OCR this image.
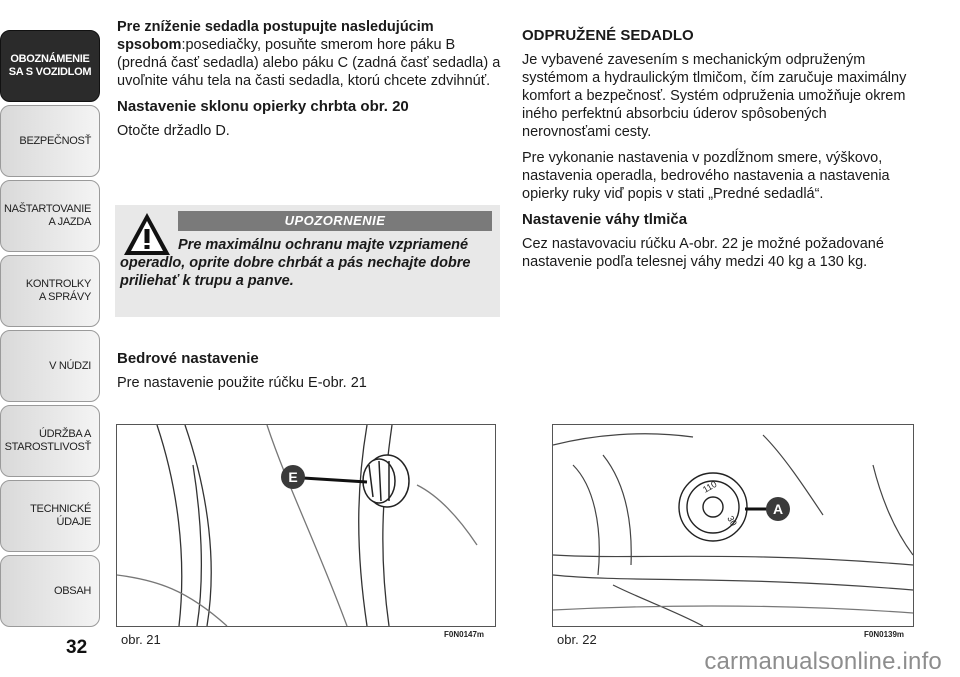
OBOZNÁMENIE
SA S VOZIDLOM
BEZPEČNOSŤ
NAŠTARTOVANIE
A JAZDA
KONTROLKY
A SPRÁVY
V NÚDZI
ÚDRŽBA A
STAROSTLIVOSŤ
TECHNICKÉ
ÚDAJE
OBSAH
32

Pre zníženie sedadla postupujte nasledujúcim spsobom:posediačky, posuňte smerom hore páku B (predná časť sedadla) alebo páku C (zadná časť sedadla) a uvoľnite váhu tela na časti sedadla, ktorú chcete zdvihnúť.

Nastavenie sklonu opierky chrbta obr. 20

Otočte držadlo D.

UPOZORNENIE
Pre maximálnu ochranu majte vzpriamené operadlo, oprite dobre chrbát a pás nechajte dobre priliehať k trupu a panve.
Bedrové nastavenie

Pre nastavenie použite rúčku E-obr. 21

ODPRUŽENÉ SEDADLO

Je vybavené zavesením s mechanickým odpruženým systémom a hydraulickým tlmičom, čím zaručuje maximálny komfort a bezpečnosť. Systém odpruženia umožňuje okrem iného perfektnú absorbciu úderov spôsobených nerovnosťami cesty.

Pre vykonanie nastavenia v pozdĺžnom smere, výškovo, nastavenia operadla, bedrového nastavenia a nastavenia opierky ruky viď popis v stati „Predné sedadlá“.

Nastavenie váhy tlmiča

Cez nastavovaciu rúčku A-obr. 22 je možné požadované nastavenie podľa telesnej váhy medzi 40 kg a 130 kg.

E
obr. 21	F0N0147m
110
30
A
obr. 22	F0N0139m
carmanualsonline.info
